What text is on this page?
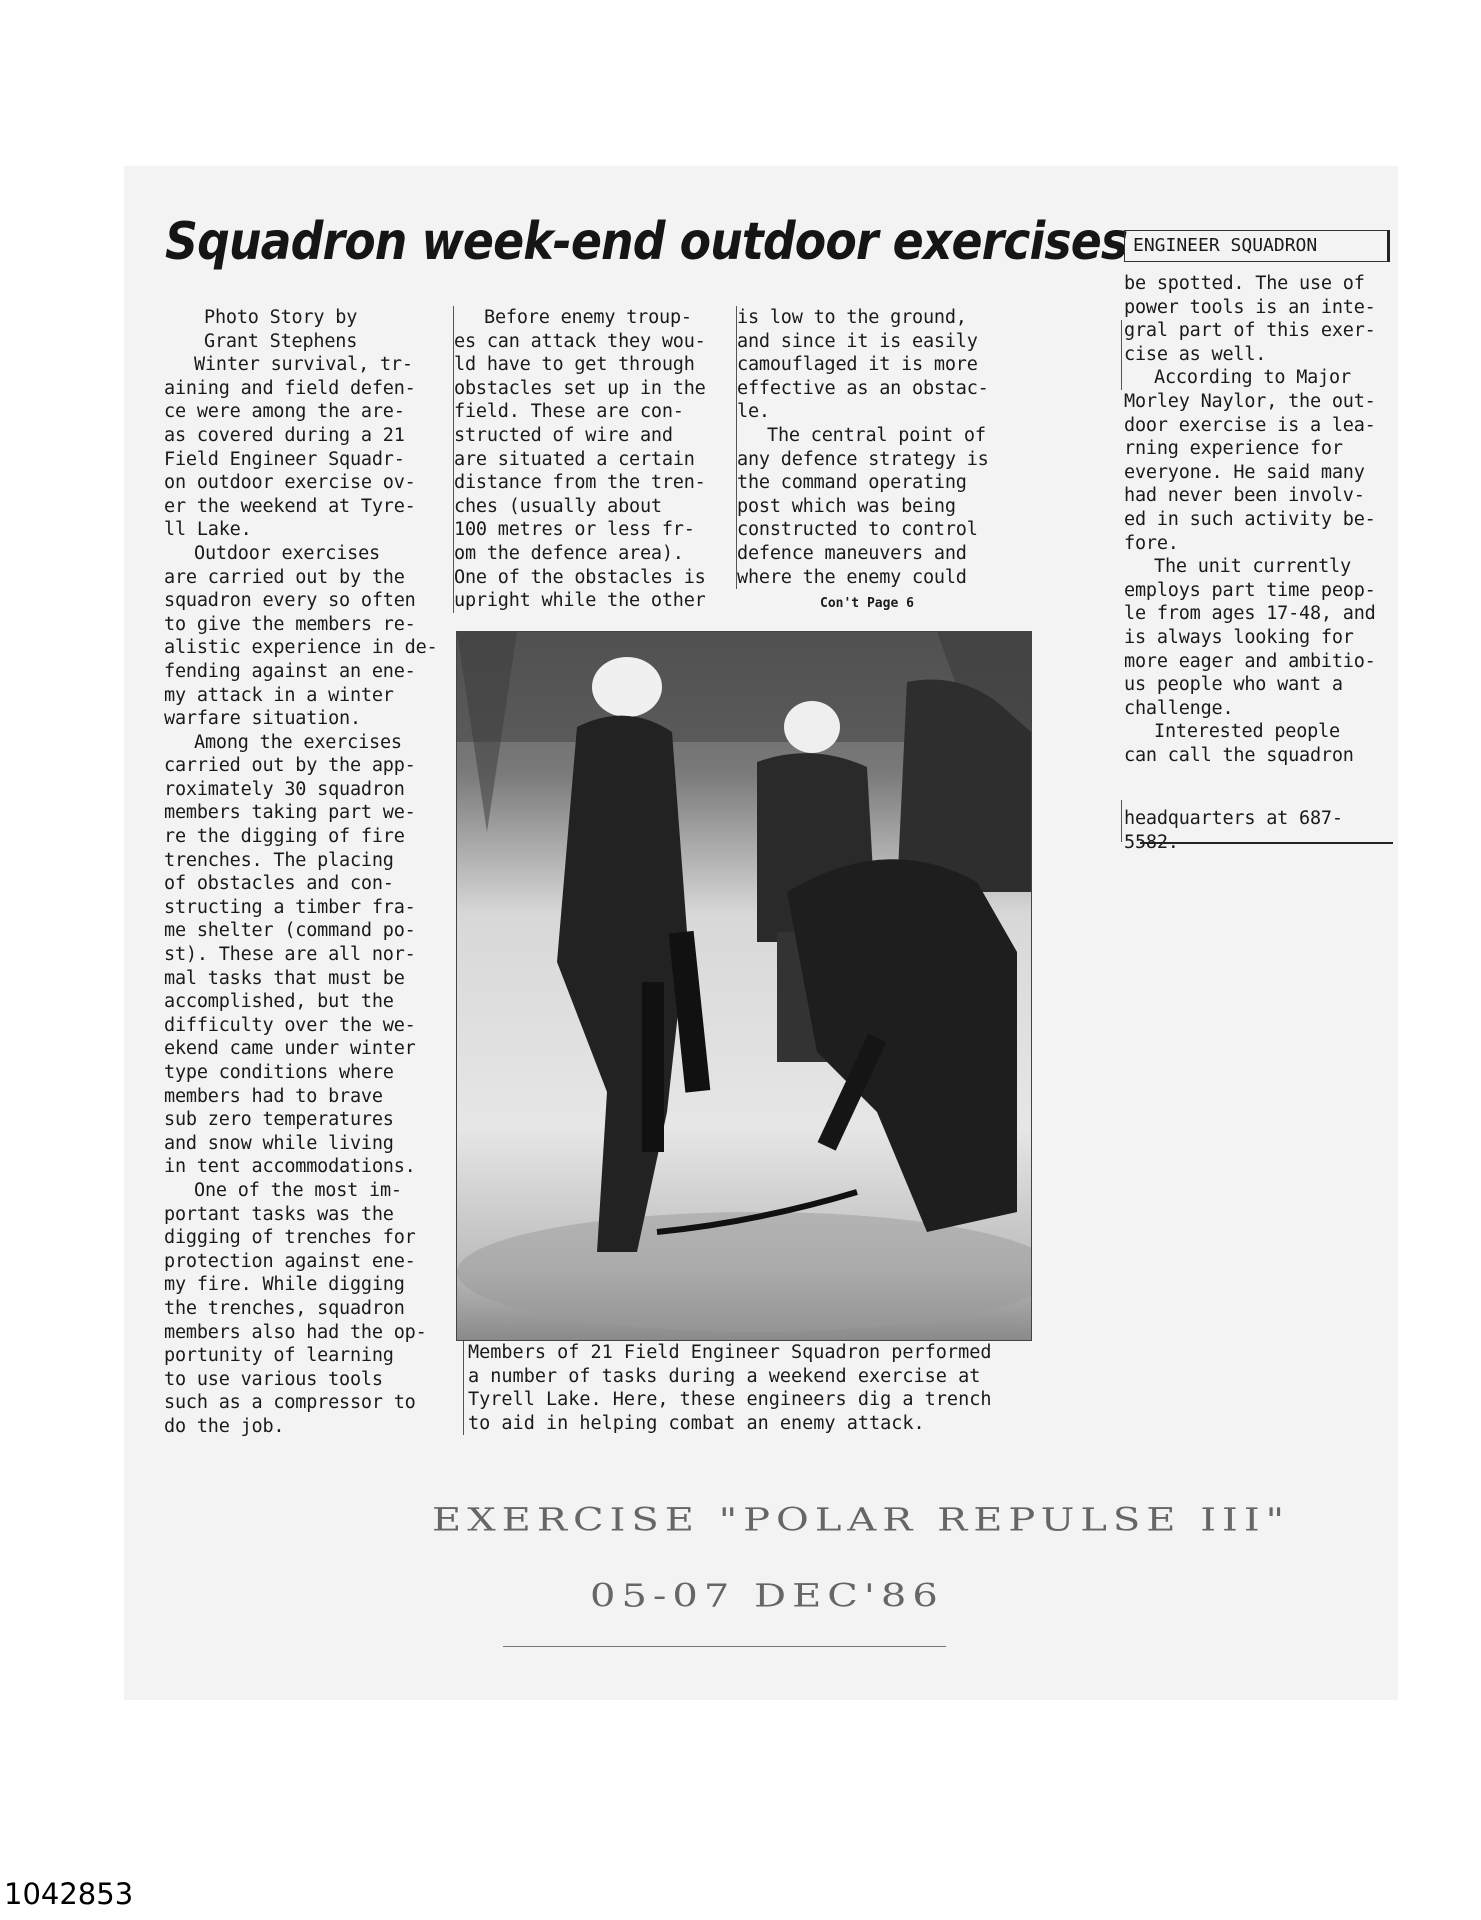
Squadron week-end outdoor exercises

Photo Story by

Grant Stephens

Winter survival, tr-

aining and field defen-

ce were among the are-

as covered during a 21

Field Engineer Squadr-

on outdoor exercise ov-

er the weekend at Tyre-

ll Lake.

Outdoor exercises

are carried out by the

squadron every so often

to give the members re-

alistic experience in de-

fending against an ene-

my attack in a winter

warfare situation.

Among the exercises

carried out by the app-

roximately 30 squadron

members taking part we-

re the digging of fire

trenches. The placing

of obstacles and con-

structing a timber fra-

me shelter (command po-

st). These are all nor-

mal tasks that must be

accomplished, but the

difficulty over the we-

ekend came under winter

type conditions where

members had to brave

sub zero temperatures

and snow while living

in tent accommodations.

One of the most im-

portant tasks was the

digging of trenches for

protection against ene-

my fire. While digging

the trenches, squadron

members also had the op-

portunity of learning

to use various tools

such as a compressor to

do the job.

Before enemy troup-

es can attack they wou-

ld have to get through

obstacles set up in the

field. These are con-

structed of wire and

are situated a certain

distance from the tren-

ches (usually about

100 metres or less fr-

om the defence area).

One of the obstacles is

upright while the other

is low to the ground,

and since it is easily

camouflaged it is more

effective as an obstac-

le.

The central point of

any defence strategy is

the command operating

post which was being

constructed to control

defence maneuvers and

where the enemy could

Con't Page 6
ENGINEER SQUADRON

be spotted. The use of

power tools is an inte-

gral part of this exer-

cise as well.

According to Major

Morley Naylor, the out-

door exercise is a lea-

rning experience for

everyone. He said many

had never been involv-

ed in such activity be-

fore.

The unit currently

employs part time peop-

le from ages 17-48, and

is always looking for

more eager and ambitio-

us people who want a

challenge.

Interested people

can call the squadron

headquarters at 687-

5582.

Members of 21 Field Engineer Squadron performed

a number of tasks during a weekend exercise at

Tyrell Lake. Here, these engineers dig a trench

to aid in helping combat an enemy attack.

EXERCISE "POLAR REPULSE III"
05-07 DEC'86

1042853
